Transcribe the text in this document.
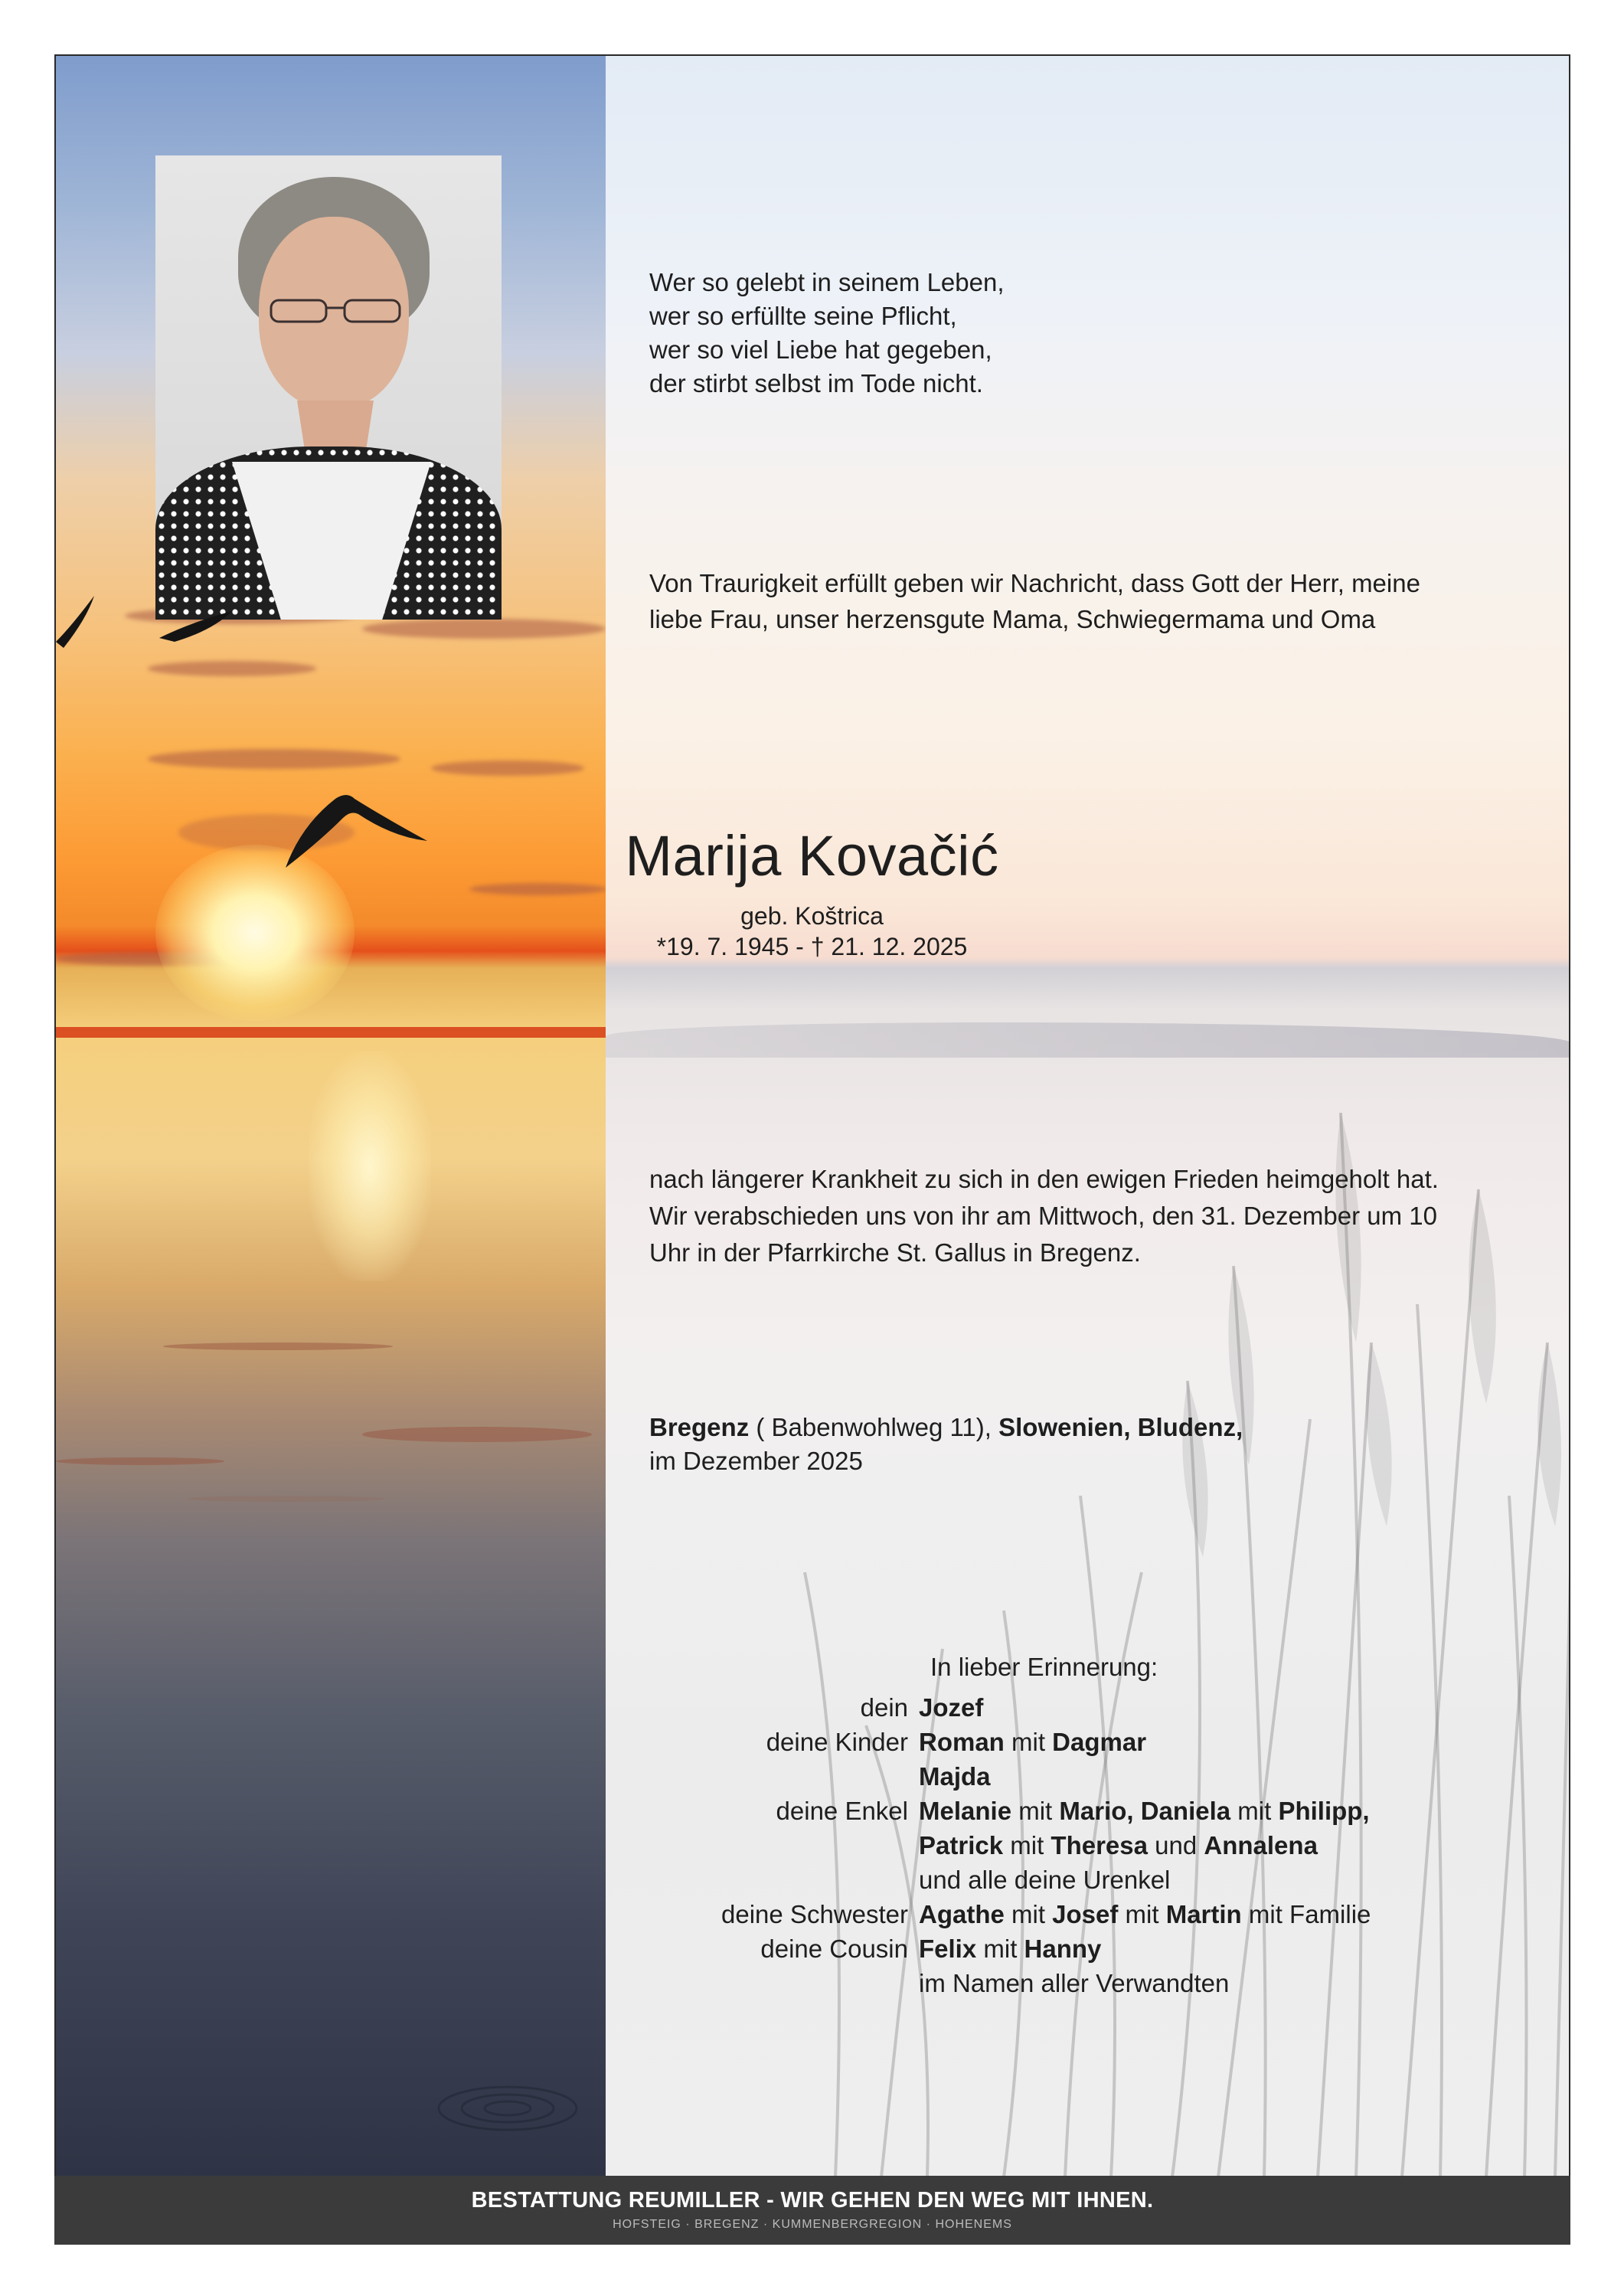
Wer so gelebt in seinem Leben,
wer so erfüllte seine Pflicht,
wer so viel Liebe hat gegeben,
der stirbt selbst im Tode nicht.
Von Traurigkeit erfüllt geben wir Nachricht, dass Gott der Herr, meine
liebe Frau, unser herzensgute Mama, Schwiegermama und Oma
Marija Kovačić
geb. Koštrica
*19. 7. 1945 - † 21. 12. 2025
nach längerer Krankheit zu sich in den ewigen Frieden heimgeholt hat.
Wir verabschieden uns von ihr am Mittwoch, den 31. Dezember um 10
Uhr in der Pfarrkirche St. Gallus in Bregenz.
Bregenz ( Babenwohlweg 11), Slowenien, Bludenz,
im Dezember 2025
In lieber Erinnerung:
dein Jozef
deine Kinder Roman mit Dagmar
Majda
deine Enkel Melanie mit Mario, Daniela mit Philipp,
Patrick mit Theresa und Annalena
und alle deine Urenkel
deine Schwester Agathe mit Josef mit Martin mit Familie
deine Cousin Felix mit Hanny
im Namen aller Verwandten
BESTATTUNG REUMILLER - WIR GEHEN DEN WEG MIT IHNEN.
HOFSTEIG · BREGENZ · KUMMENBERGREGION · HOHENEMS
